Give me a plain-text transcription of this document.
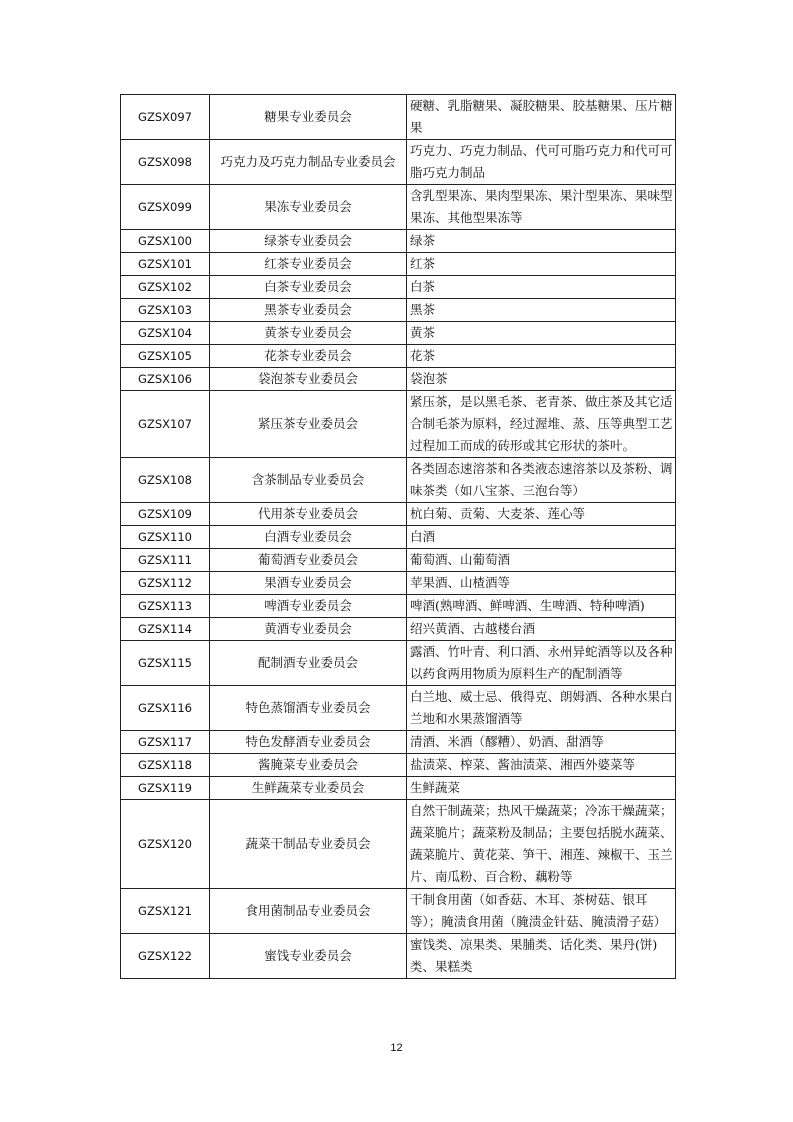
GZSX097	糖果专业委员会	硬糖、乳脂糖果、凝胶糖果、胶基糖果、压片糖果
GZSX098	巧克力及巧克力制品专业委员会	巧克力、巧克力制品、代可可脂巧克力和代可可脂巧克力制品
GZSX099	果冻专业委员会	含乳型果冻、果肉型果冻、果汁型果冻、果味型果冻、其他型果冻等
GZSX100	绿茶专业委员会	绿茶
GZSX101	红茶专业委员会	红茶
GZSX102	白茶专业委员会	白茶
GZSX103	黑茶专业委员会	黑茶
GZSX104	黄茶专业委员会	黄茶
GZSX105	花茶专业委员会	花茶
GZSX106	袋泡茶专业委员会	袋泡茶
GZSX107	紧压茶专业委员会	紧压茶，是以黑毛茶、老青茶、做庄茶及其它适合制毛茶为原料，经过渥堆、蒸、压等典型工艺过程加工而成的砖形或其它形状的茶叶。
GZSX108	含茶制品专业委员会	各类固态速溶茶和各类液态速溶茶以及茶粉、调味茶类（如八宝茶、三泡台等）
GZSX109	代用茶专业委员会	杭白菊、贡菊、大麦茶、莲心等
GZSX110	白酒专业委员会	白酒
GZSX111	葡萄酒专业委员会	葡萄酒、山葡萄酒
GZSX112	果酒专业委员会	苹果酒、山楂酒等
GZSX113	啤酒专业委员会	啤酒(熟啤酒、鲜啤酒、生啤酒、特种啤酒)
GZSX114	黄酒专业委员会	绍兴黄酒、古越楼台酒
GZSX115	配制酒专业委员会	露酒、竹叶青、利口酒、永州异蛇酒等以及各种以药食两用物质为原料生产的配制酒等
GZSX116	特色蒸馏酒专业委员会	白兰地、威士忌、俄得克、朗姆酒、各种水果白兰地和水果蒸馏酒等
GZSX117	特色发酵酒专业委员会	清酒、米酒（醪糟）、奶酒、甜酒等
GZSX118	酱腌菜专业委员会	盐渍菜、榨菜、酱油渍菜、湘西外婆菜等
GZSX119	生鲜蔬菜专业委员会	生鲜蔬菜
GZSX120	蔬菜干制品专业委员会	自然干制蔬菜；热风干燥蔬菜；冷冻干燥蔬菜；蔬菜脆片；蔬菜粉及制品；主要包括脱水蔬菜、蔬菜脆片、黄花菜、笋干、湘莲、辣椒干、玉兰片、南瓜粉、百合粉、藕粉等
GZSX121	食用菌制品专业委员会	干制食用菌（如香菇、木耳、茶树菇、银耳等）；腌渍食用菌（腌渍金针菇、腌渍滑子菇）
GZSX122	蜜饯专业委员会	蜜饯类、凉果类、果脯类、话化类、果丹(饼)类、果糕类
12
